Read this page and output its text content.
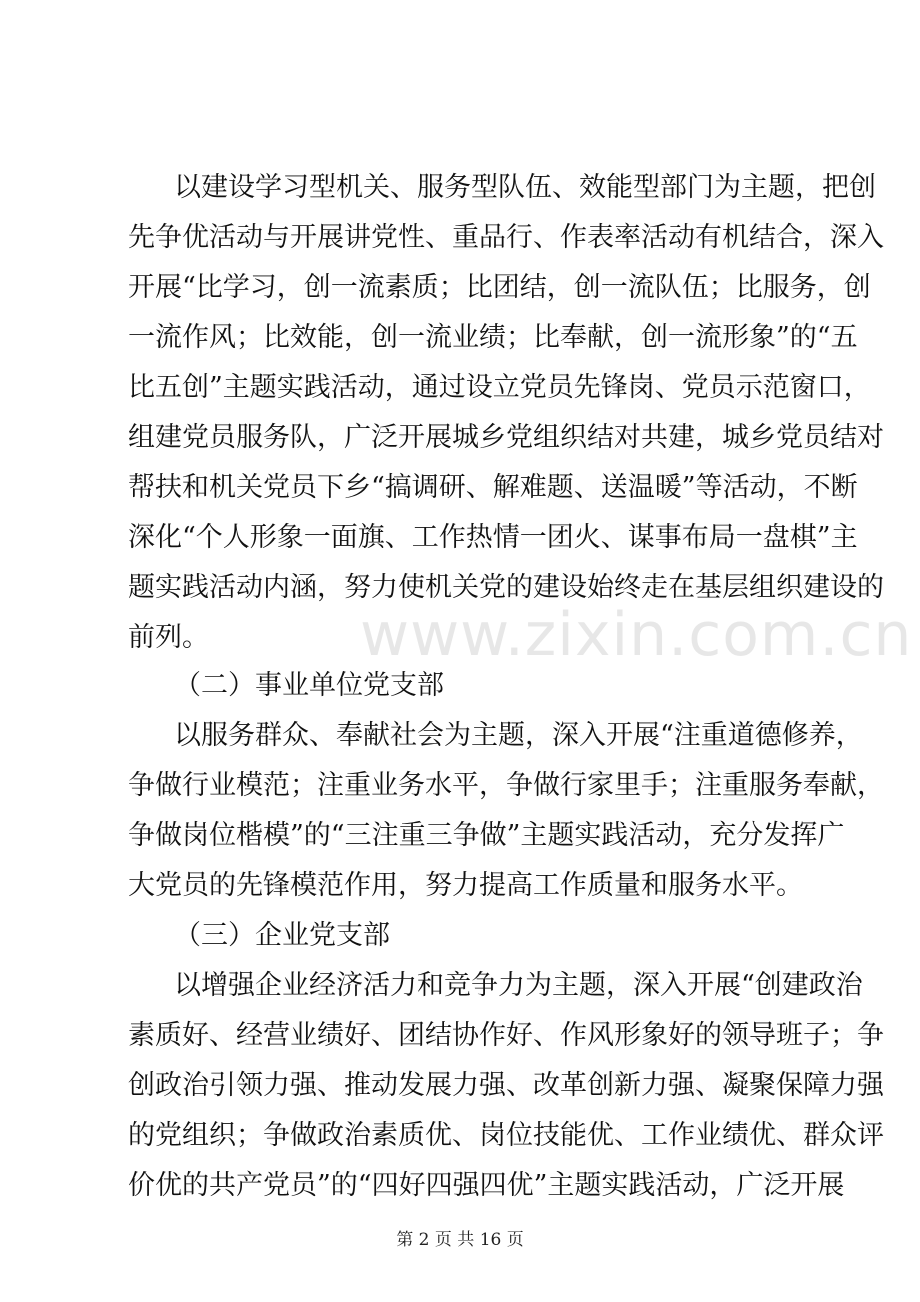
以建设学习型机关、服务型队伍、效能型部门为主题，把创
先争优活动与开展讲党性、重品行、作表率活动有机结合，深入
开展“比学习，创一流素质；比团结，创一流队伍；比服务，创
一流作风；比效能，创一流业绩；比奉献，创一流形象”的“五
比五创”主题实践活动，通过设立党员先锋岗、党员示范窗口，
组建党员服务队，广泛开展城乡党组织结对共建，城乡党员结对
帮扶和机关党员下乡“搞调研、解难题、送温暖”等活动，不断
深化“个人形象一面旗、工作热情一团火、谋事布局一盘棋”主
题实践活动内涵，努力使机关党的建设始终走在基层组织建设的
前列。
（二）事业单位党支部
以服务群众、奉献社会为主题，深入开展“注重道德修养，
争做行业模范；注重业务水平，争做行家里手；注重服务奉献，
争做岗位楷模”的“三注重三争做”主题实践活动，充分发挥广
大党员的先锋模范作用，努力提高工作质量和服务水平。
（三）企业党支部
以增强企业经济活力和竞争力为主题，深入开展“创建政治
素质好、经营业绩好、团结协作好、作风形象好的领导班子；争
创政治引领力强、推动发展力强、改革创新力强、凝聚保障力强
的党组织；争做政治素质优、岗位技能优、工作业绩优、群众评
价优的共产党员”的“四好四强四优”主题实践活动，广泛开展
www.zixin.com.cn
第 2 页 共 16 页
